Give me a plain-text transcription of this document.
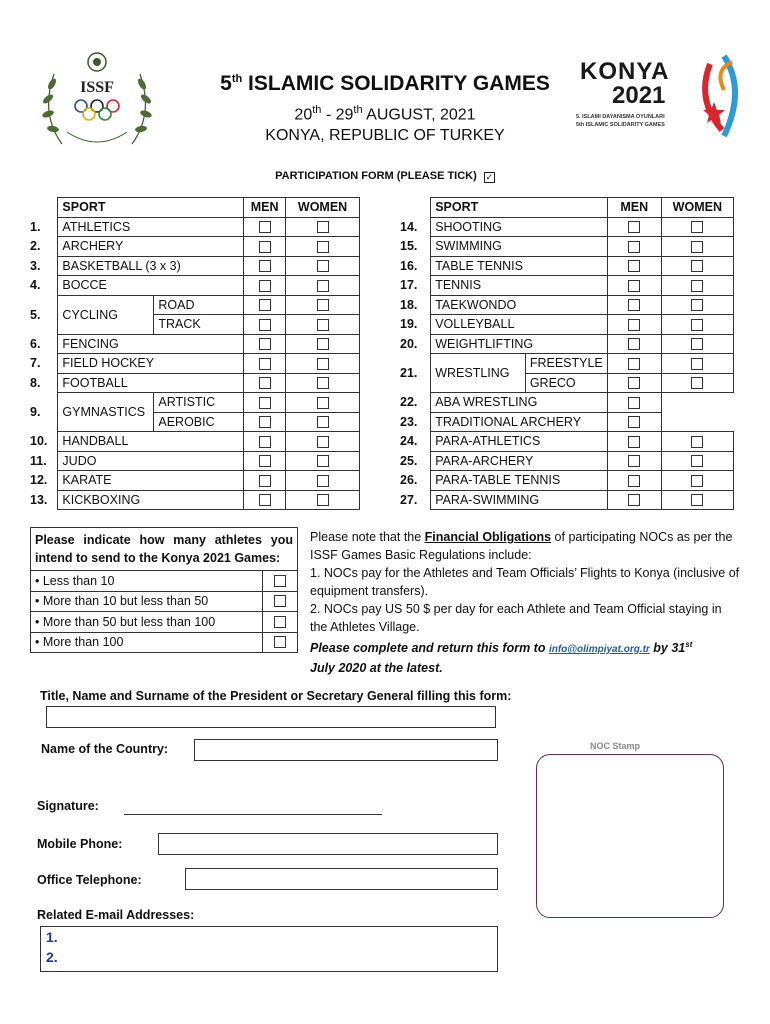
ISSF
KONYA
2021
5. ISLAMI DAYANISMA OYUNLARI
5th ISLAMIC SOLIDARITY GAMES
5th ISLAMIC SOLIDARITY GAMES
20th - 29th AUGUST, 2021
KONYA, REPUBLIC OF TURKEY
PARTICIPATION FORM (PLEASE TICK) ✓
	SPORT		MEN	WOMEN
1.	ATHLETICS			
2.	ARCHERY			
3.	BASKETBALL (3 x 3)			
4.	BOCCE			
5.	CYCLING	ROAD		
		TRACK		
6.	FENCING			
7.	FIELD HOCKEY			
8.	FOOTBALL			
9.	GYMNASTICS	ARTISTIC		
		AEROBIC		
10.	HANDBALL			
11.	JUDO			
12.	KARATE			
13.	KICKBOXING			
	SPORT		MEN	WOMEN
14.	SHOOTING			
15.	SWIMMING			
16.	TABLE TENNIS			
17.	TENNIS			
18.	TAEKWONDO			
19.	VOLLEYBALL			
20.	WEIGHTLIFTING			
21.	WRESTLING	FREESTYLE		
		GRECO		
22.	ABA WRESTLING			
23.	TRADITIONAL ARCHERY			
24.	PARA-ATHLETICS			
25.	PARA-ARCHERY			
26.	PARA-TABLE TENNIS			
27.	PARA-SWIMMING			
Please indicate how many athletes you intend to send to the Konya 2021 Games:
• Less than 10
• More than 10 but less than 50
• More than 50 but less than 100
• More than 100
Please note that the Financial Obligations of participating NOCs as per the ISSF Games Basic Regulations include:
1. NOCs pay for the Athletes and Team Officials’ Flights to Konya (inclusive of equipment transfers).
2. NOCs pay US 50 $ per day for each Athlete and Team Official staying in the Athletes Village.
Please complete and return this form to info@olimpiyat.org.tr by 31st
July 2020 at the latest.
Title, Name and Surname of the President or Secretary General filling this form:
Name of the Country:
Signature:
Mobile Phone:
Office Telephone:
Related E-mail Addresses:
1.
2.
NOC Stamp
